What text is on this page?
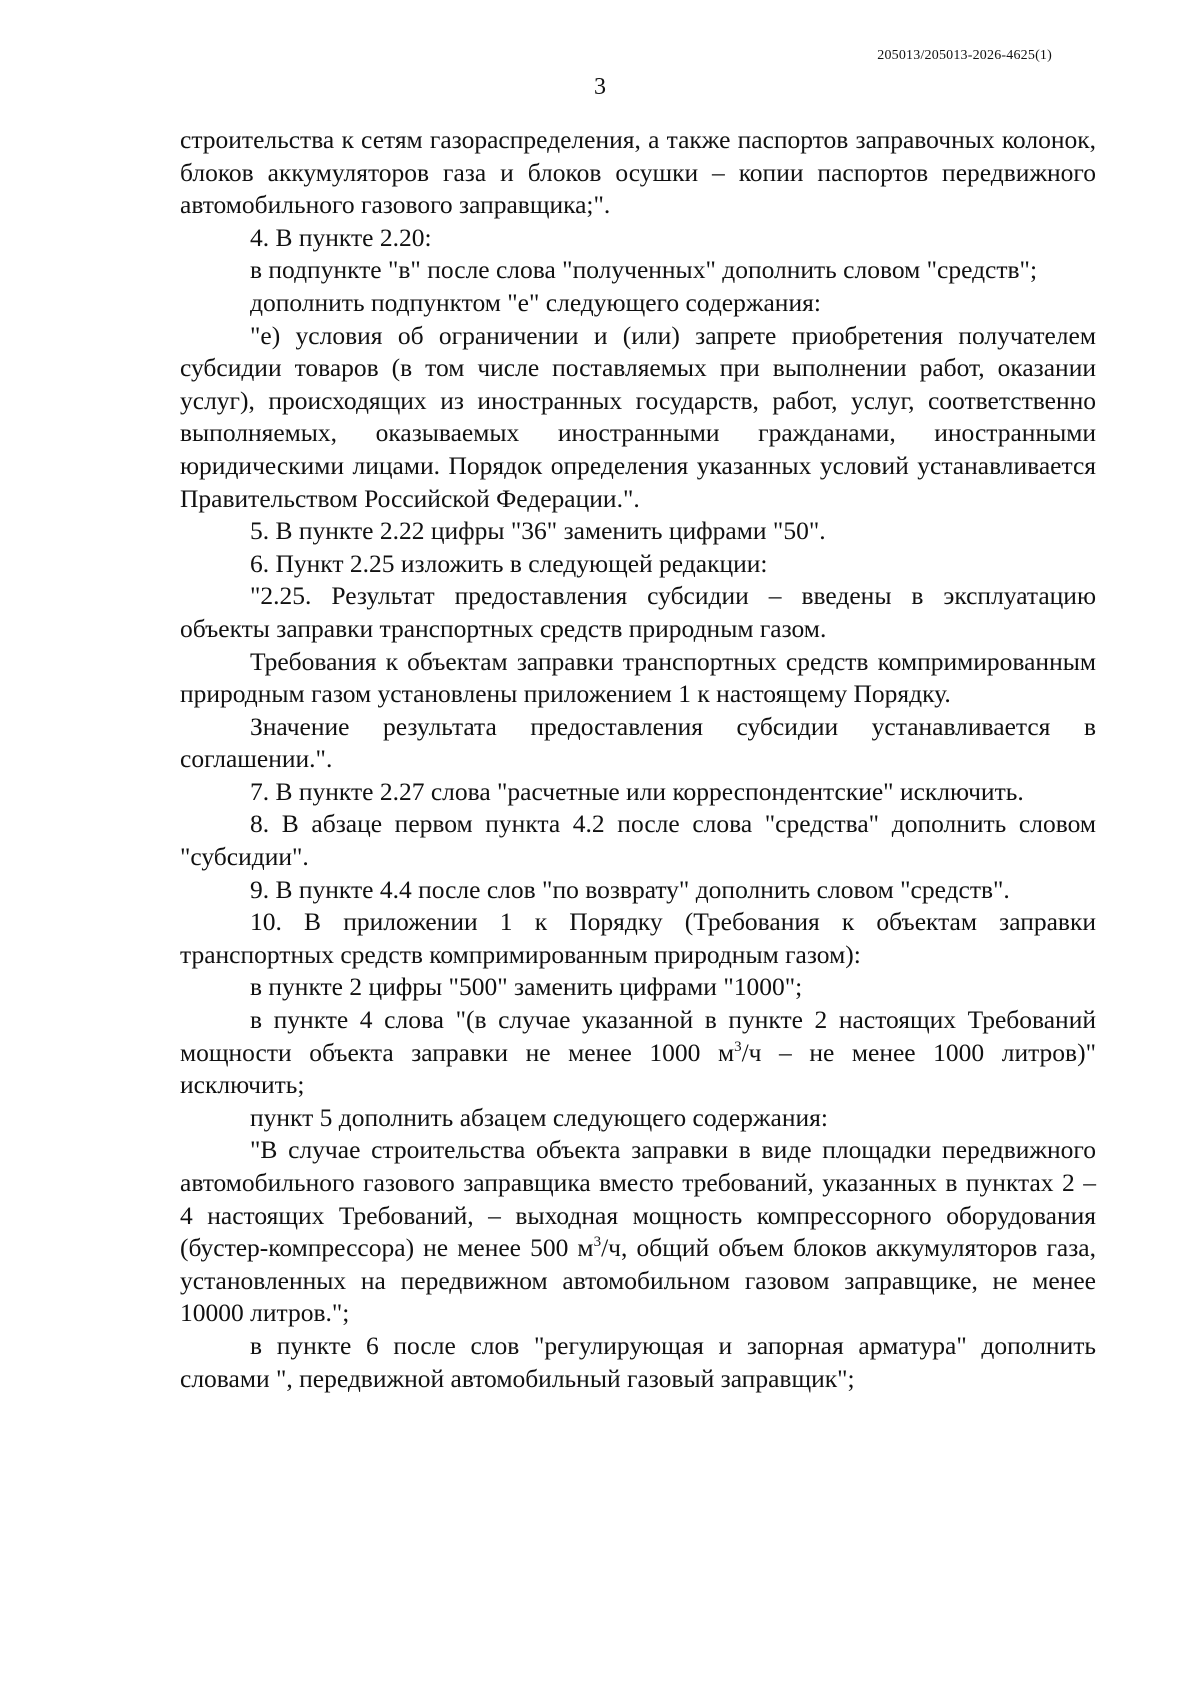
205013/205013-2026-4625(1)
3

строительства к сетям газораспределения, а также паспортов заправочных колонок, блоков аккумуляторов газа и блоков осушки – копии паспортов передвижного автомобильного газового заправщика;".

4. В пункте 2.20:

в подпункте "в" после слова "полученных" дополнить словом "средств";

дополнить подпунктом "е" следующего содержания:

"е) условия об ограничении и (или) запрете приобретения получателем субсидии товаров (в том числе поставляемых при выполнении работ, оказании услуг), происходящих из иностранных государств, работ, услуг, соответственно выполняемых, оказываемых иностранными гражданами, иностранными юридическими лицами. Порядок определения указанных условий устанавливается Правительством Российской Федерации.".

5. В пункте 2.22 цифры "36" заменить цифрами "50".

6. Пункт 2.25 изложить в следующей редакции:

"2.25. Результат предоставления субсидии – введены в эксплуатацию объекты заправки транспортных средств природным газом.

Требования к объектам заправки транспортных средств компримированным природным газом установлены приложением 1 к настоящему Порядку.

Значение результата предоставления субсидии устанавливается в соглашении.".

7. В пункте 2.27 слова "расчетные или корреспондентские" исключить.

8. В абзаце первом пункта 4.2 после слова "средства" дополнить словом "субсидии".

9. В пункте 4.4 после слов "по возврату" дополнить словом "средств".

10. В приложении 1 к Порядку (Требования к объектам заправки транспортных средств компримированным природным газом):

в пункте 2 цифры "500" заменить цифрами "1000";

в пункте 4 слова "(в случае указанной в пункте 2 настоящих Требований мощности объекта заправки не менее 1000 $м^3/ч$ – не менее 1000 литров)" исключить;

пункт 5 дополнить абзацем следующего содержания:

"В случае строительства объекта заправки в виде площадки передвижного автомобильного газового заправщика вместо требований, указанных в пунктах 2 – 4 настоящих Требований, – выходная мощность компрессорного оборудования (бустер-компрессора) не менее 500 $м^3/ч$, общий объем блоков аккумуляторов газа, установленных на передвижном автомобильном газовом заправщике, не менее 10000 литров.";

в пункте 6 после слов "регулирующая и запорная арматура" дополнить словами ", передвижной автомобильный газовый заправщик";
